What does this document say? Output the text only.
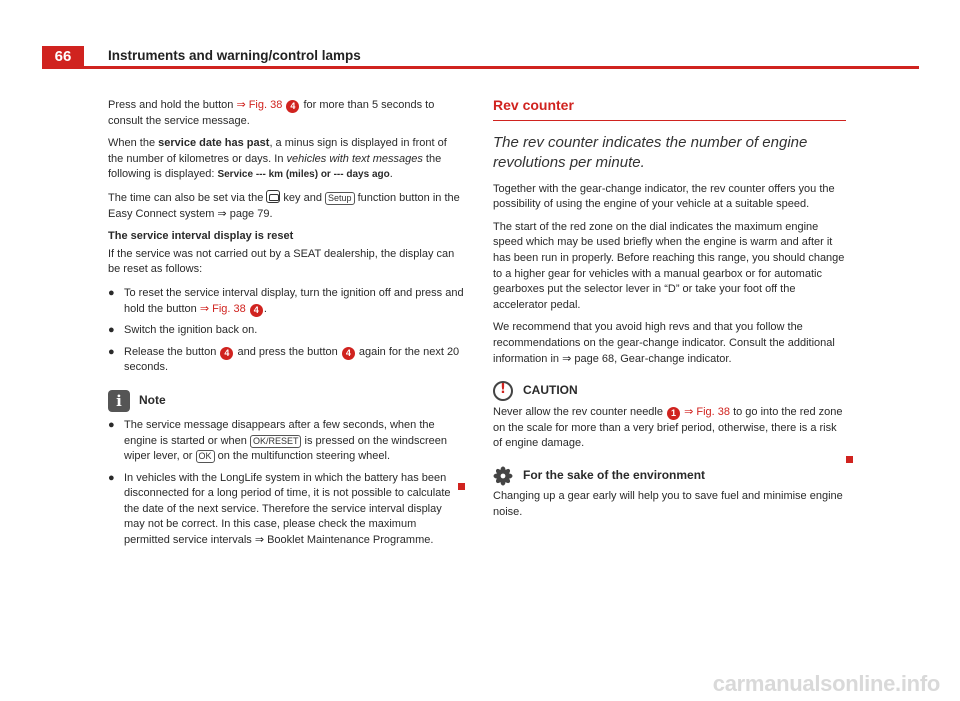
66	Instruments and warning/control lamps

Press and hold the button ⇒ Fig. 38 4 for more than 5 seconds to consult the service message.

When the service date has past, a minus sign is displayed in front of the number of kilometres or days. In vehicles with text messages the following is displayed: Service --- km (miles) or --- days ago.

The time can also be set via the  key and Setup function button in the Easy Connect system ⇒ page 79.

The service interval display is reset

If the service was not carried out by a SEAT dealership, the display can be reset as follows:

● To reset the service interval display, turn the ignition off and press and hold the button ⇒ Fig. 38 4 .
● Switch the ignition back on.
● Release the button 4 and press the button 4 again for the next 20 seconds.
i	Note
● The service message disappears after a few seconds, when the engine is started or when OK/RESET is pressed on the windscreen wiper lever, or OK on the multifunction steering wheel.
● In vehicles with the LongLife system in which the battery has been disconnected for a long period of time, it is not possible to calculate the date of the next service. Therefore the service interval display may not be correct. In this case, please check the maximum permitted service intervals ⇒ Booklet Maintenance Programme.
Rev counter
The rev counter indicates the number of engine revolutions per minute.

Together with the gear-change indicator, the rev counter offers you the possibility of using the engine of your vehicle at a suitable speed.

The start of the red zone on the dial indicates the maximum engine speed which may be used briefly when the engine is warm and after it has been run in properly. Before reaching this range, you should change to a higher gear for vehicles with a manual gearbox or for automatic gearboxes put the selector lever in “D” or take your foot off the accelerator pedal.

We recommend that you avoid high revs and that you follow the recommendations on the gear-change indicator. Consult the additional information in ⇒ page 68, Gear-change indicator.

!
CAUTION

Never allow the rev counter needle 1 ⇒ Fig. 38 to go into the red zone on the scale for more than a very brief period, otherwise, there is a risk of engine damage.

For the sake of the environment

Changing up a gear early will help you to save fuel and minimise engine noise.

carmanualsonline.info
